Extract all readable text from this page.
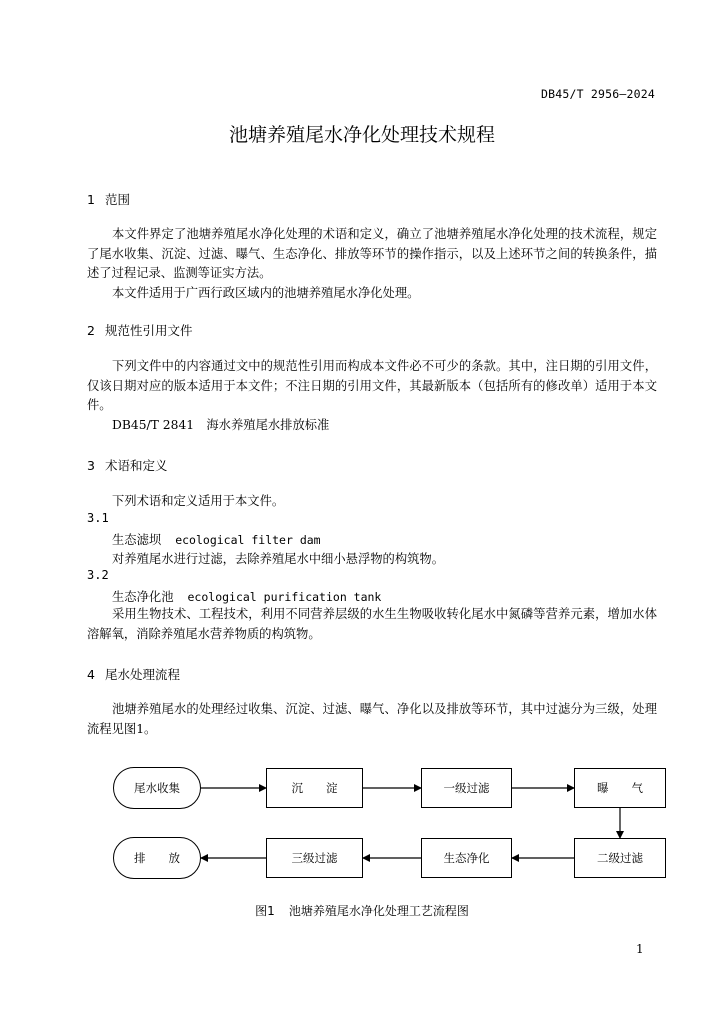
DB45/T 2956—2024
池塘养殖尾水净化处理技术规程
1 范围

本文件界定了池塘养殖尾水净化处理的术语和定义，确立了池塘养殖尾水净化处理的技术流程，规定了尾水收集、沉淀、过滤、曝气、生态净化、排放等环节的操作指示，以及上述环节之间的转换条件，描述了过程记录、监测等证实方法。

本文件适用于广西行政区域内的池塘养殖尾水净化处理。

2 规范性引用文件

下列文件中的内容通过文中的规范性引用而构成本文件必不可少的条款。其中，注日期的引用文件，仅该日期对应的版本适用于本文件；不注日期的引用文件，其最新版本（包括所有的修改单）适用于本文件。

DB45/T 2841　海水养殖尾水排放标准
3 术语和定义
下列术语和定义适用于本文件。
3.1
生态滤坝 ecological filter dam
对养殖尾水进行过滤，去除养殖尾水中细小悬浮物的构筑物。
3.2
生态净化池 ecological purification tank

采用生物技术、工程技术，利用不同营养层级的水生生物吸收转化尾水中氮磷等营养元素，增加水体溶解氧，消除养殖尾水营养物质的构筑物。

4 尾水处理流程

池塘养殖尾水的处理经过收集、沉淀、过滤、曝气、净化以及排放等环节，其中过滤分为三级，处理流程见图1。

尾水收集	沉　　淀	一级过滤	曝　　气
排　　放	三级过滤	生态净化	二级过滤
图1 池塘养殖尾水净化处理工艺流程图
1
